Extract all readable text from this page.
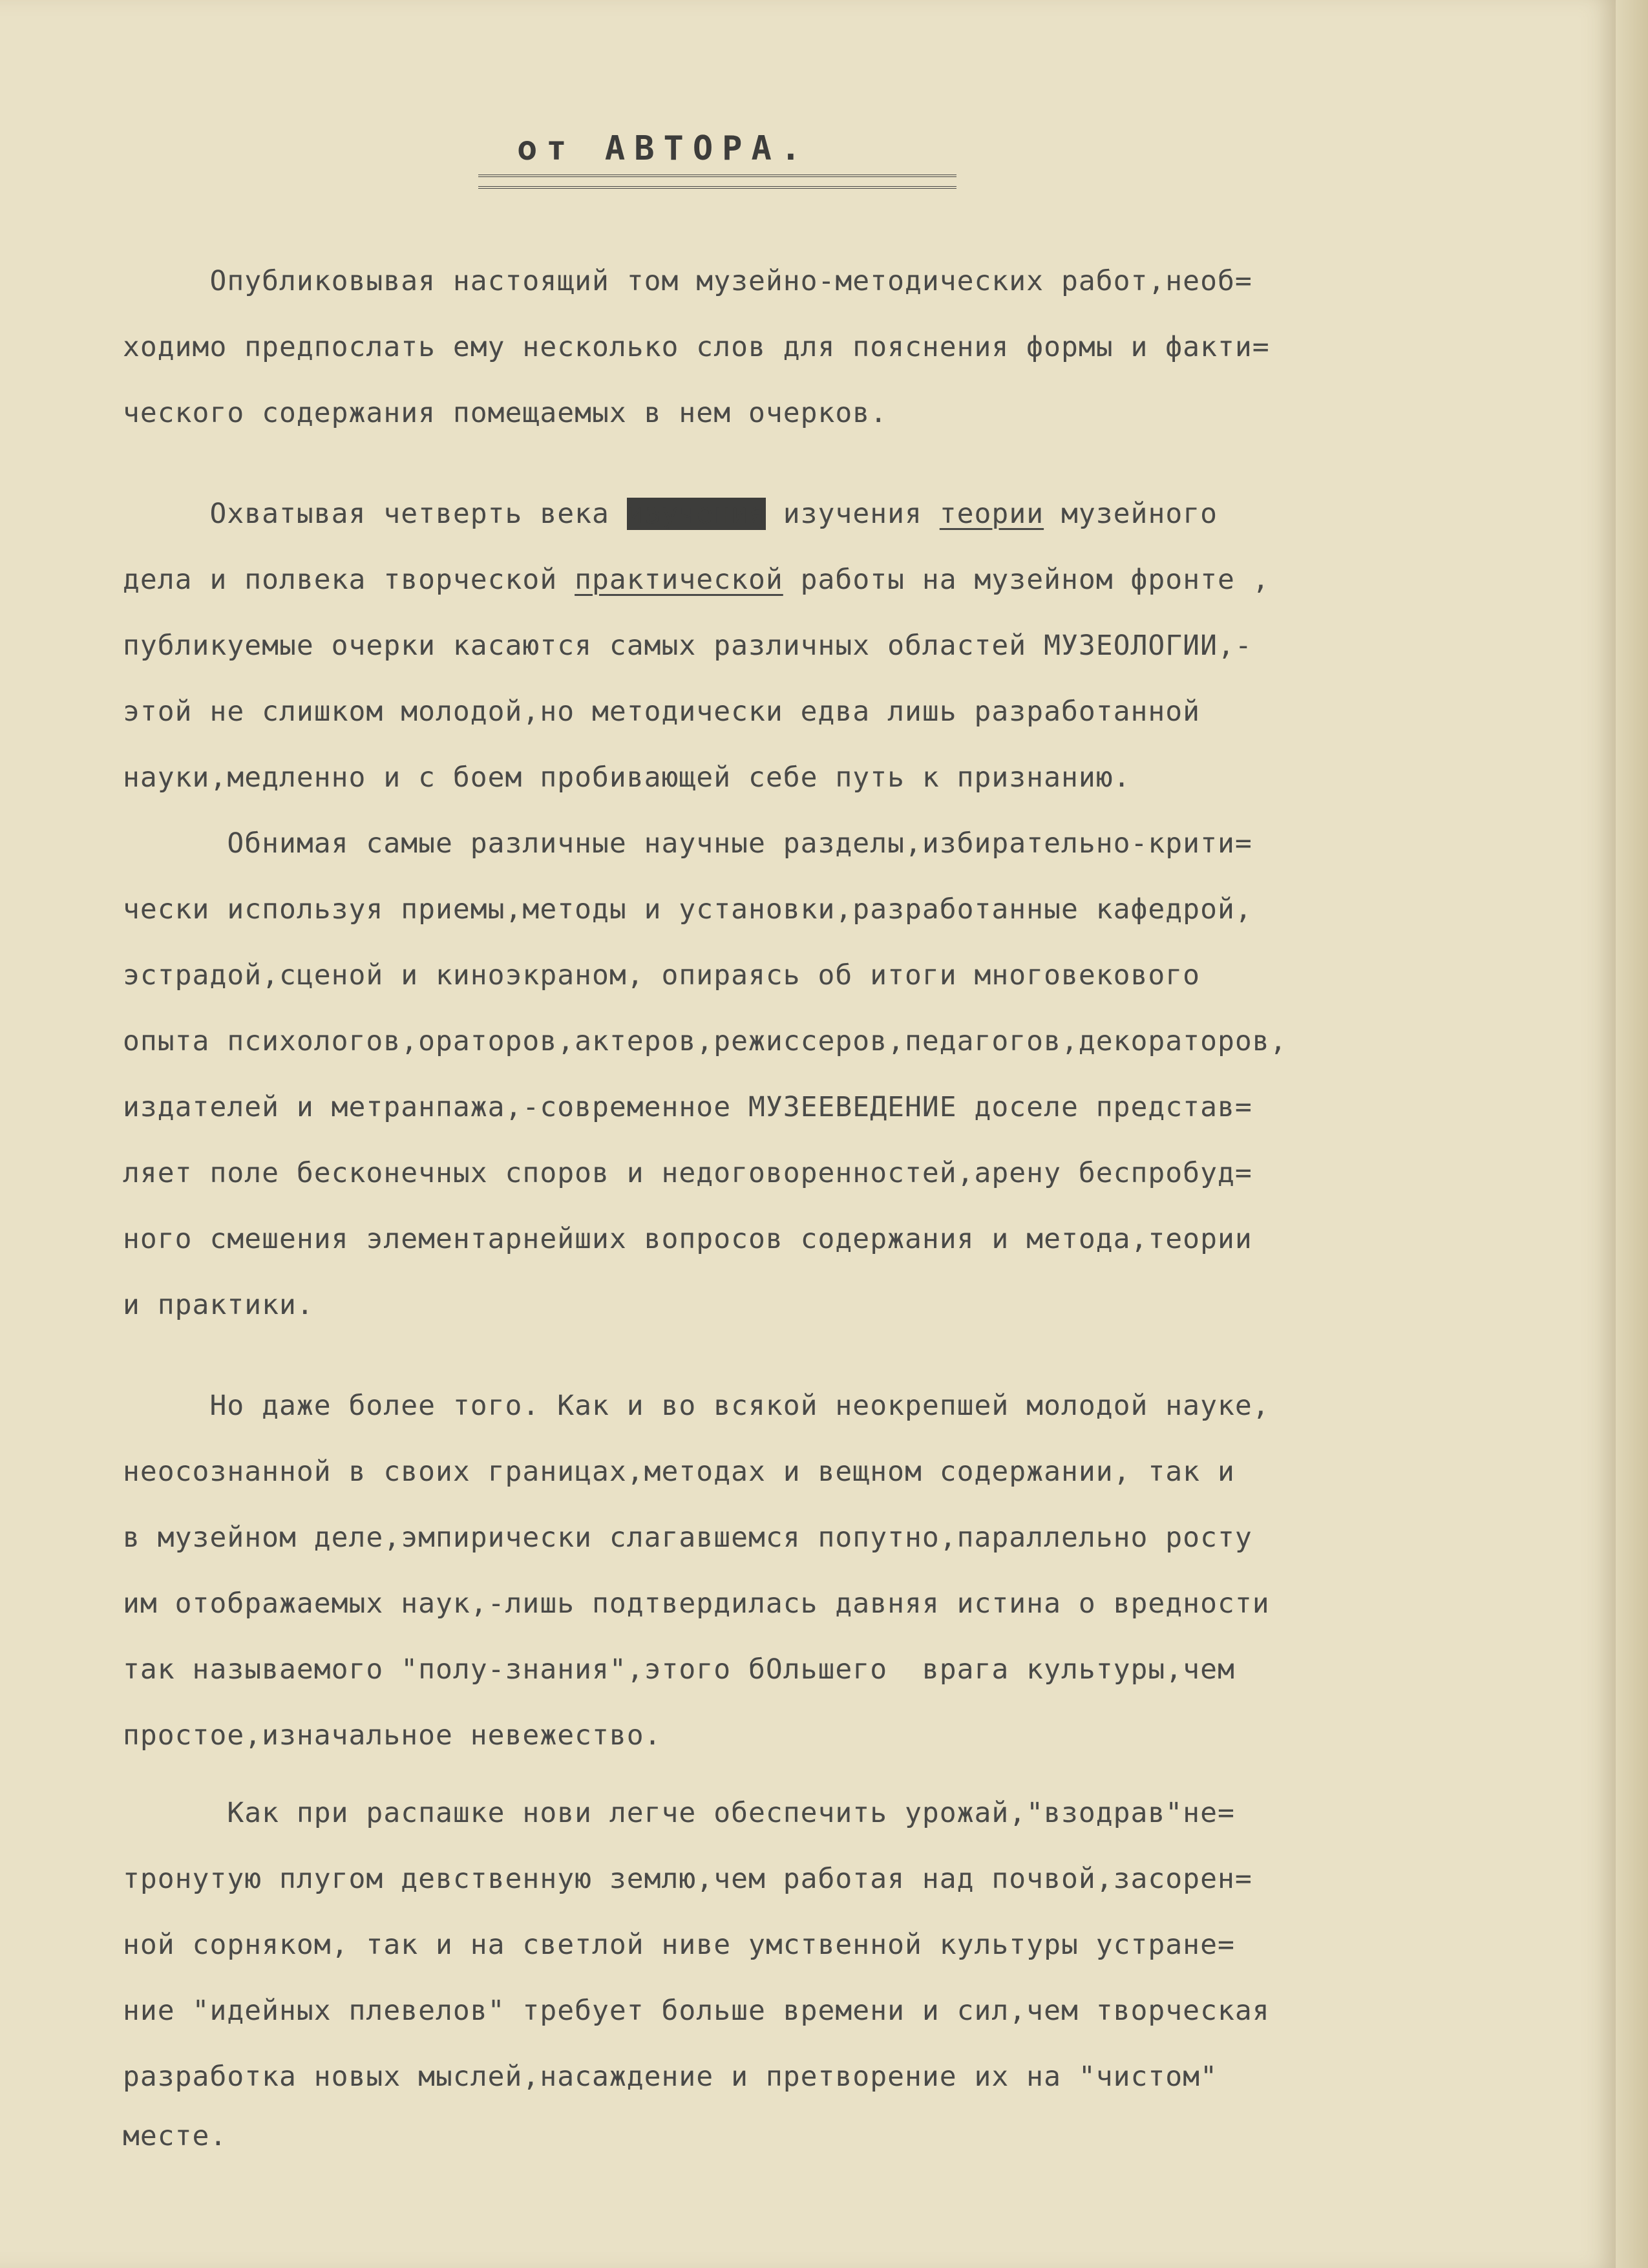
от АВТОРА.
Опубликовывая настоящий том музейно-методических работ,необ=
ходимо предпослать ему несколько слов для пояснения формы и факти=
ческого содержания помещаемых в нем очерков.
Охватывая четверть века изучения изучения теории музейного
дела и полвека творческой практической работы на музейном фронте ,
публикуемые очерки касаются самых различных областей МУЗЕОЛОГИИ,-
этой не слишком молодой,но методически едва лишь разработанной
науки,медленно и с боем пробивающей себе путь к признанию.
Обнимая самые различные научные разделы,избирательно-крити=
чески используя приемы,методы и установки,разработанные кафедрой,
эстрадой,сценой и киноэкраном, опираясь об итоги многовекового
опыта психологов,ораторов,актеров,режиссеров,педагогов,декораторов,
издателей и метранпажа,-современное МУЗЕЕВЕДЕНИЕ доселе представ=
ляет поле бесконечных споров и недоговоренностей,арену беспробуд=
ного смешения элементарнейших вопросов содержания и метода,теории
и практики.
Но даже более того. Как и во всякой неокрепшей молодой науке,
неосознанной в своих границах,методах и вещном содержании, так и
в музейном деле,эмпирически слагавшемся попутно,параллельно росту
им отображаемых наук,-лишь подтвердилась давняя истина о вредности
так называемого "полу-знания",этого бОльшего  врага культуры,чем
простое,изначальное невежество.
Как при распашке нови легче обеспечить урожай,"взодрав"не=
тронутую плугом девственную землю,чем работая над почвой,засорен=
ной сорняком, так и на светлой ниве умственной культуры устране=
ние "идейных плевелов" требует больше времени и сил,чем творческая
разработка новых мыслей,насаждение и претворение их на "чистом"
месте.
